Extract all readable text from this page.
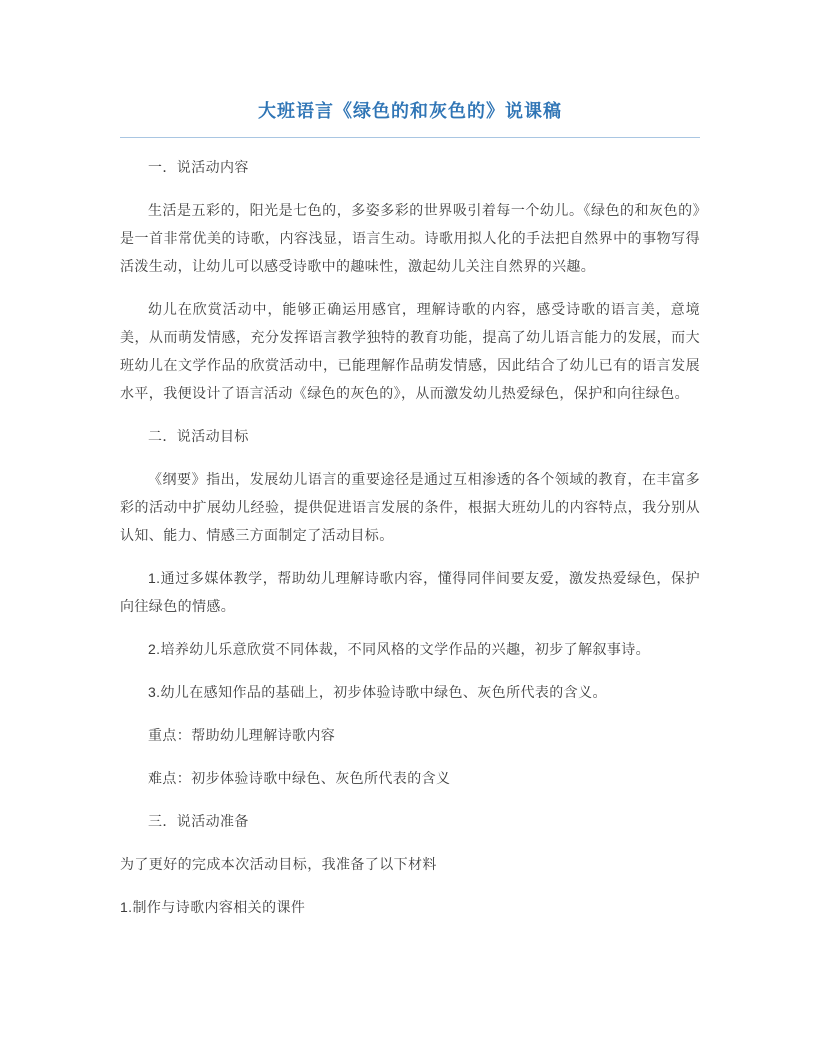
大班语言《绿色的和灰色的》说课稿

一．说活动内容

生活是五彩的，阳光是七色的，多姿多彩的世界吸引着每一个幼儿。《绿色的和灰色的》是一首非常优美的诗歌，内容浅显，语言生动。诗歌用拟人化的手法把自然界中的事物写得活泼生动，让幼儿可以感受诗歌中的趣味性，激起幼儿关注自然界的兴趣。

幼儿在欣赏活动中，能够正确运用感官，理解诗歌的内容，感受诗歌的语言美，意境美，从而萌发情感，充分发挥语言教学独特的教育功能，提高了幼儿语言能力的发展，而大班幼儿在文学作品的欣赏活动中，已能理解作品萌发情感，因此结合了幼儿已有的语言发展水平，我便设计了语言活动《绿色的灰色的》，从而激发幼儿热爱绿色，保护和向往绿色。

二．说活动目标

《纲要》指出，发展幼儿语言的重要途径是通过互相渗透的各个领域的教育，在丰富多彩的活动中扩展幼儿经验，提供促进语言发展的条件，根据大班幼儿的内容特点，我分别从认知、能力、情感三方面制定了活动目标。

1.通过多媒体教学，帮助幼儿理解诗歌内容，懂得同伴间要友爱，激发热爱绿色，保护向往绿色的情感。

2.培养幼儿乐意欣赏不同体裁，不同风格的文学作品的兴趣，初步了解叙事诗。

3.幼儿在感知作品的基础上，初步体验诗歌中绿色、灰色所代表的含义。

重点：帮助幼儿理解诗歌内容

难点：初步体验诗歌中绿色、灰色所代表的含义

三．说活动准备

为了更好的完成本次活动目标，我准备了以下材料

1.制作与诗歌内容相关的课件
